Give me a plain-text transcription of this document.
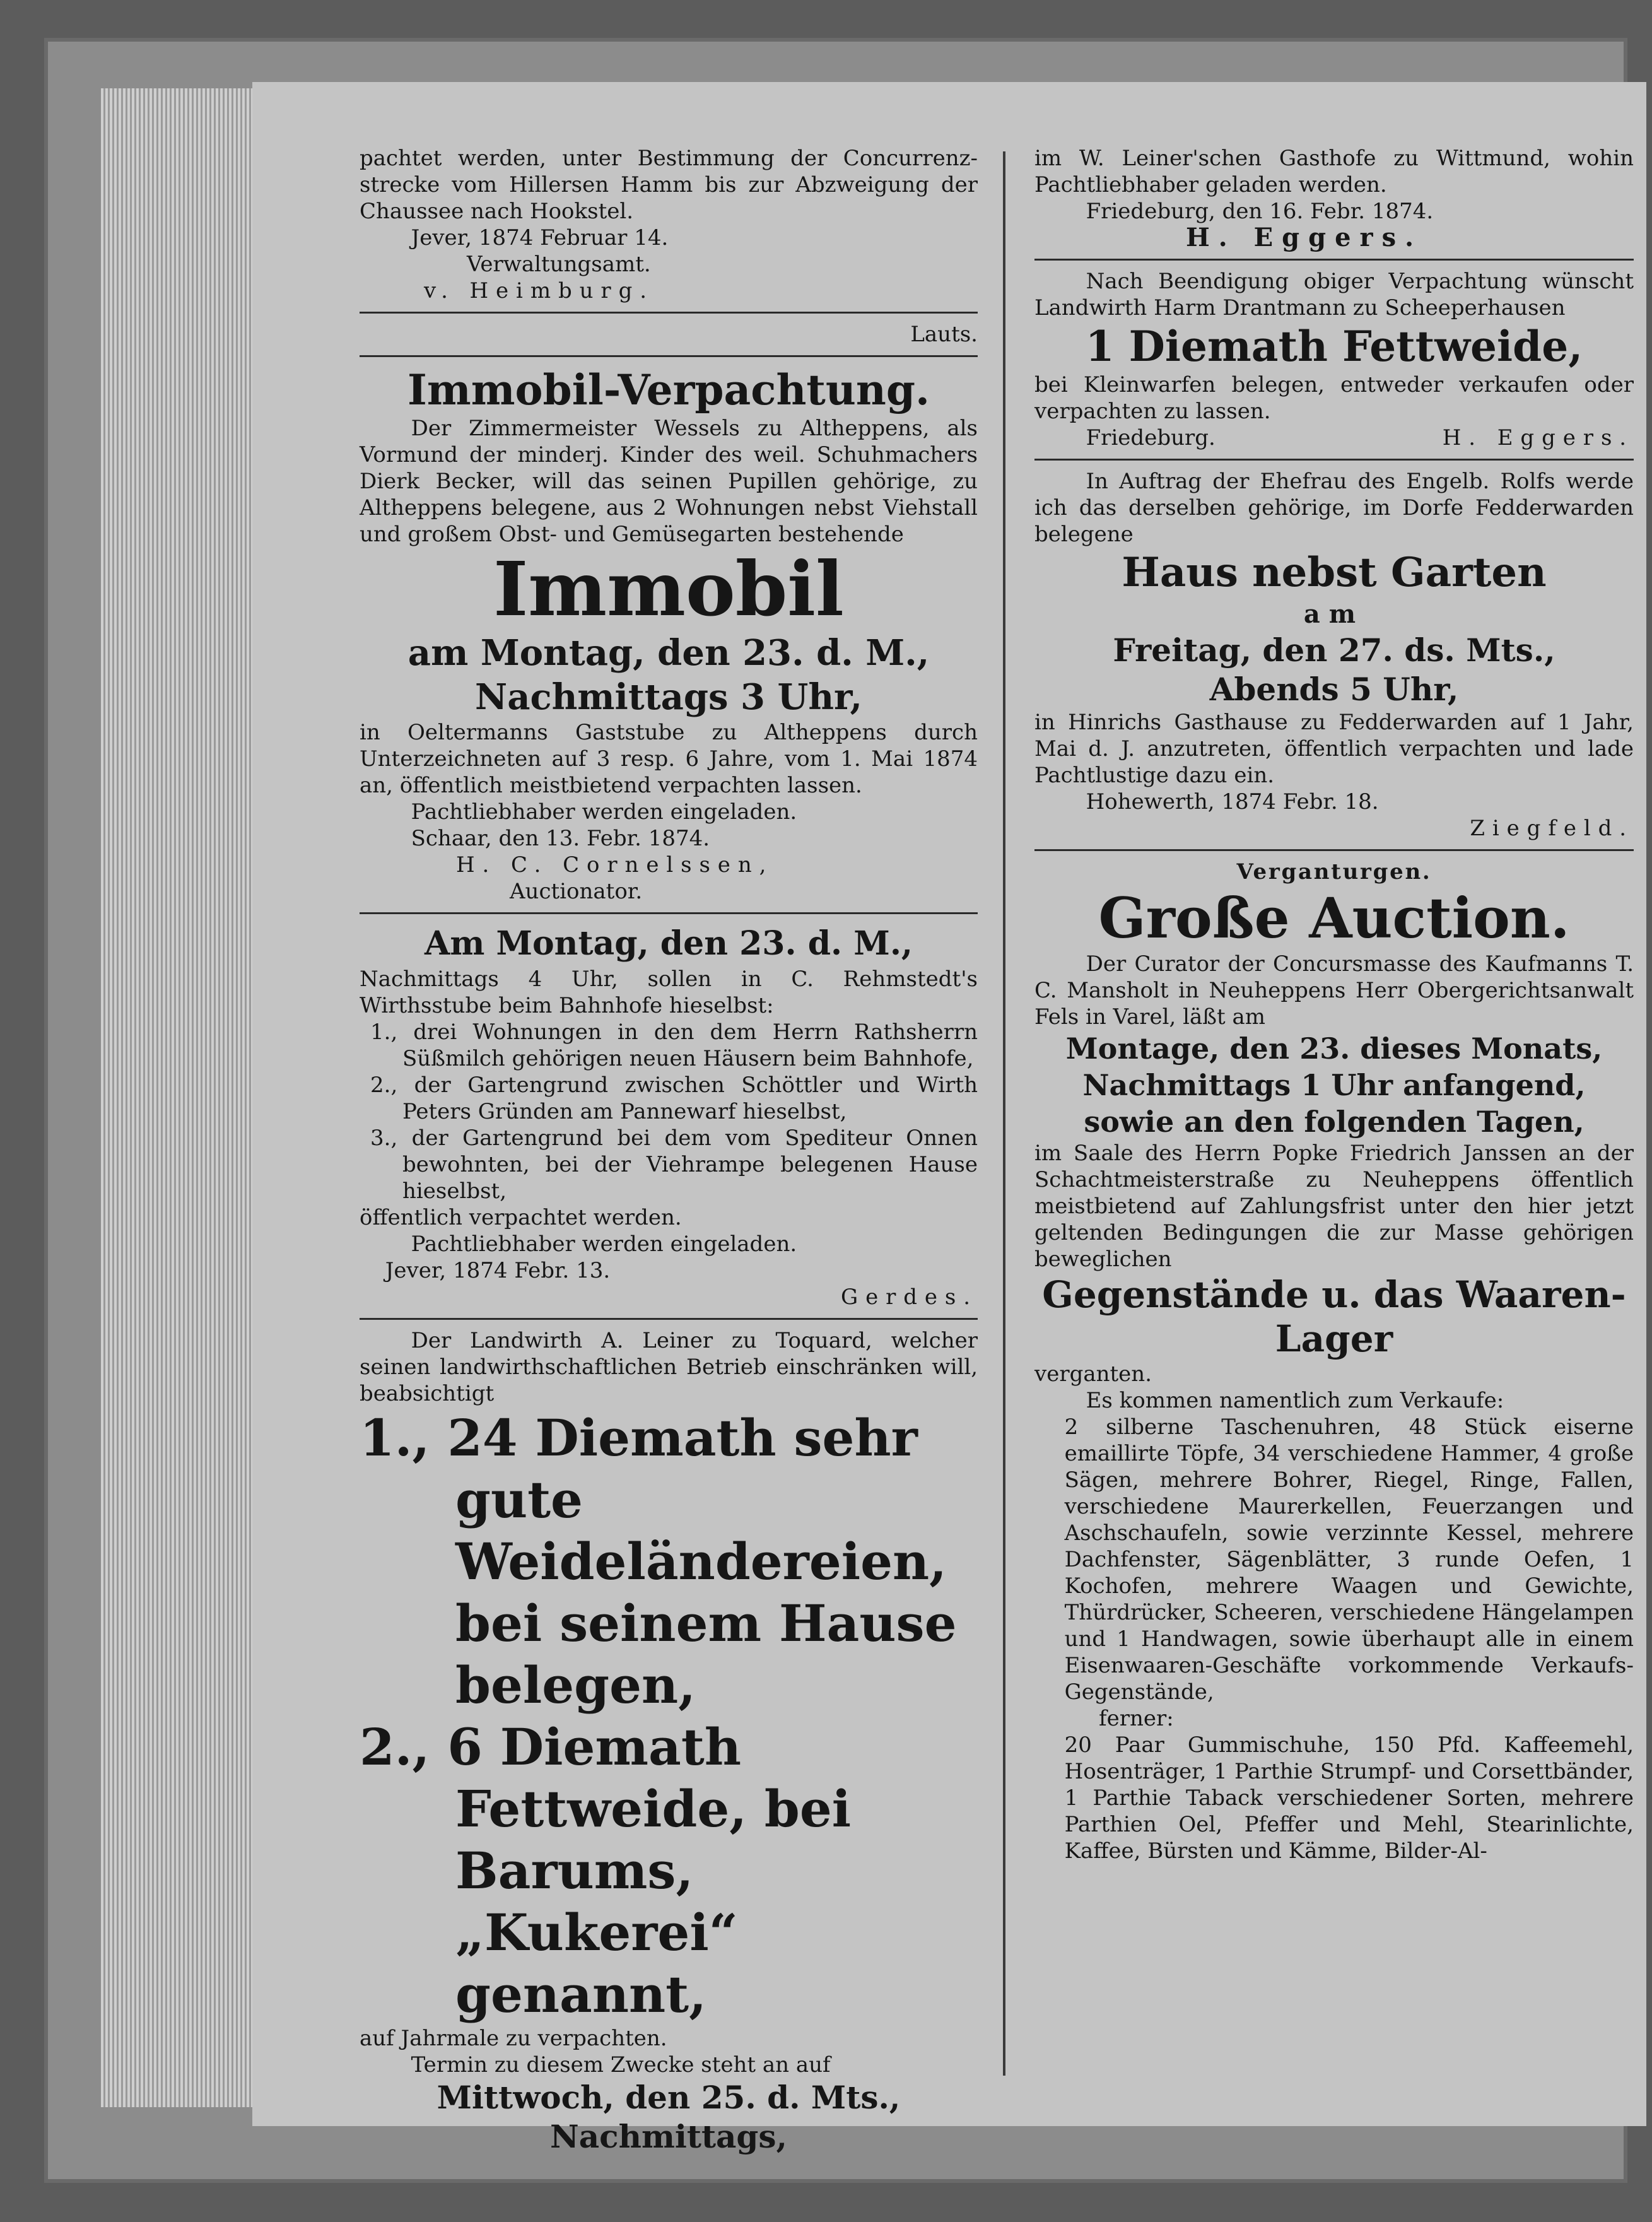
pachtet werden, unter Bestimmung der Concurrenz-strecke vom Hillersen Hamm bis zur Abzweigung der Chaussee nach Hookstel.

Jever, 1874 Februar 14.

Verwaltungsamt.

v. Heimburg.

Lauts.

Immobil-Verpachtung.

Der Zimmermeister Wessels zu Altheppens, als Vormund der minderj. Kinder des weil. Schuhmachers Dierk Becker, will das seinen Pupillen gehörige, zu Altheppens belegene, aus 2 Wohnungen nebst Viehstall und großem Obst- und Gemüsegarten bestehende

Immobil
am Montag, den 23. d. M.,
Nachmittags 3 Uhr,

in Oeltermanns Gaststube zu Altheppens durch Unterzeichneten auf 3 resp. 6 Jahre, vom 1. Mai 1874 an, öffentlich meistbietend verpachten lassen.

Pachtliebhaber werden eingeladen.

Schaar, den 13. Febr. 1874.

H. C. Cornelssen,

Auctionator.

Am Montag, den 23. d. M.,

Nachmittags 4 Uhr, sollen in C. Rehmstedt's Wirthsstube beim Bahnhofe hieselbst:

1., drei Wohnungen in den dem Herrn Rathsherrn Süßmilch gehörigen neuen Häusern beim Bahnhofe,

2., der Gartengrund zwischen Schöttler und Wirth Peters Gründen am Pannewarf hieselbst,

3., der Gartengrund bei dem vom Spediteur Onnen bewohnten, bei der Viehrampe belegenen Hause hieselbst,

öffentlich verpachtet werden.

Pachtliebhaber werden eingeladen.

Jever, 1874 Febr. 13.

Gerdes.

Der Landwirth A. Leiner zu Toquard, welcher seinen landwirthschaftlichen Betrieb einschränken will, beabsichtigt

1., 24 Diemath sehr gute Weideländereien, bei seinem Hause belegen,

2., 6 Diemath Fettweide, bei Barums, „Kukerei“ genannt,

auf Jahrmale zu verpachten.

Termin zu diesem Zwecke steht an auf

Mittwoch, den 25. d. Mts.,
Nachmittags,

im W. Leiner'schen Gasthofe zu Wittmund, wohin Pachtliebhaber geladen werden.

Friedeburg, den 16. Febr. 1874.

H. Eggers.

Nach Beendigung obiger Verpachtung wünscht Landwirth Harm Drantmann zu Scheeperhausen

1 Diemath Fettweide,

bei Kleinwarfen belegen, entweder verkaufen oder verpachten zu lassen.

Friedeburg.	H. Eggers.

In Auftrag der Ehefrau des Engelb. Rolfs werde ich das derselben gehörige, im Dorfe Fedderwarden belegene

Haus nebst Garten
am
Freitag, den 27. ds. Mts.,
Abends 5 Uhr,

in Hinrichs Gasthause zu Fedderwarden auf 1 Jahr, Mai d. J. anzutreten, öffentlich verpachten und lade Pachtlustige dazu ein.

Hohewerth, 1874 Febr. 18.

Ziegfeld.

Verganturgen.

Große Auction.

Der Curator der Concursmasse des Kaufmanns T. C. Mansholt in Neuheppens Herr Obergerichtsanwalt Fels in Varel, läßt am

Montage, den 23. dieses Monats,
Nachmittags 1 Uhr anfangend,
sowie an den folgenden Tagen,

im Saale des Herrn Popke Friedrich Janssen an der Schachtmeisterstraße zu Neuheppens öffentlich meistbietend auf Zahlungsfrist unter den hier jetzt geltenden Bedingungen die zur Masse gehörigen beweglichen

Gegenstände u. das Waaren-
Lager

verganten.

Es kommen namentlich zum Verkaufe:

2 silberne Taschenuhren, 48 Stück eiserne emaillirte Töpfe, 34 verschiedene Hammer, 4 große Sägen, mehrere Bohrer, Riegel, Ringe, Fallen, verschiedene Maurerkellen, Feuerzangen und Aschschaufeln, sowie verzinnte Kessel, mehrere Dachfenster, Sägenblätter, 3 runde Oefen, 1 Kochofen, mehrere Waagen und Gewichte, Thürdrücker, Scheeren, verschiedene Hängelampen und 1 Handwagen, sowie überhaupt alle in einem Eisenwaaren-Geschäfte vorkommende Verkaufs-Gegenstände,

ferner:

20 Paar Gummischuhe, 150 Pfd. Kaffeemehl, Hosenträger, 1 Parthie Strumpf- und Corsettbänder, 1 Parthie Taback verschiedener Sorten, mehrere Parthien Oel, Pfeffer und Mehl, Stearinlichte, Kaffee, Bürsten und Kämme, Bilder-Al-
